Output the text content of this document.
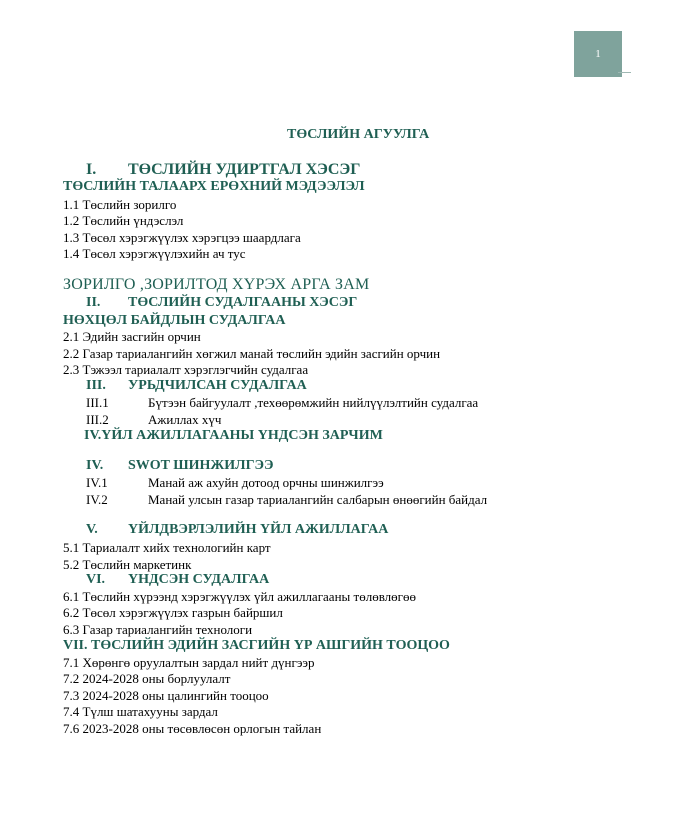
1
ТӨСЛИЙН АГУУЛГА
I. ТӨСЛИЙН УДИРТГАЛ ХЭСЭГ
ТӨСЛИЙН ТАЛААРХ ЕРӨХНИЙ МЭДЭЭЛЭЛ
1.1 Төслийн зорилго
1.2 Төслийн үндэслэл
1.3 Төсөл хэрэгжүүлэх хэрэгцээ шаардлага
1.4 Төсөл хэрэгжүүлэхийн ач тус
ЗОРИЛГО ,ЗОРИЛТОД ХҮРЭХ АРГА ЗАМ
II. ТӨСЛИЙН СУДАЛГААНЫ ХЭСЭГ
НӨХЦӨЛ БАЙДЛЫН СУДАЛГАА
2.1 Эдийн засгийн орчин
2.2 Газар тариалангийн хөгжил манай төслийн эдийн засгийн орчин
2.3 Тэжээл тариалалт хэрэглэгчийн судалгаа
III. УРЬДЧИЛСАН СУДАЛГАА
III.1	Бүтээн байгуулалт ,техөөрөмжийн нийлүүлэлтийн судалгаа
III.2	Ажиллах хүч
IV.ҮЙЛ АЖИЛЛАГААНЫ ҮНДСЭН ЗАРЧИМ
IV. SWOT ШИНЖИЛГЭЭ
IV.1	Манай аж ахуйн дотоод орчны шинжилгээ
IV.2	Манай улсын газар тариалангийн салбарын өнөөгийн байдал
V. ҮЙЛДВЭРЛЭЛИЙН ҮЙЛ АЖИЛЛАГАА
5.1 Тариалалт хийх технологийн карт
5.2 Төслийн маркетинк
VI. ҮНДСЭН СУДАЛГАА
6.1 Төслийн хүрээнд хэрэгжүүлэх үйл ажиллагааны төлөвлөгөө
6.2 Төсөл хэрэгжүүлэх газрын байршил
6.3 Газар тариалангийн технологи
VII. ТӨСЛИЙН ЭДИЙН ЗАСГИЙН ҮР АШГИЙН ТООЦОО
7.1 Хөрөнгө оруулалтын зардал нийт дүнгээр
7.2 2024-2028 оны борлуулалт
7.3 2024-2028 оны цалингийн тооцоо
7.4 Түлш шатахууны зардал
7.6 2023-2028 оны төсөвлөсөн орлогын тайлан
